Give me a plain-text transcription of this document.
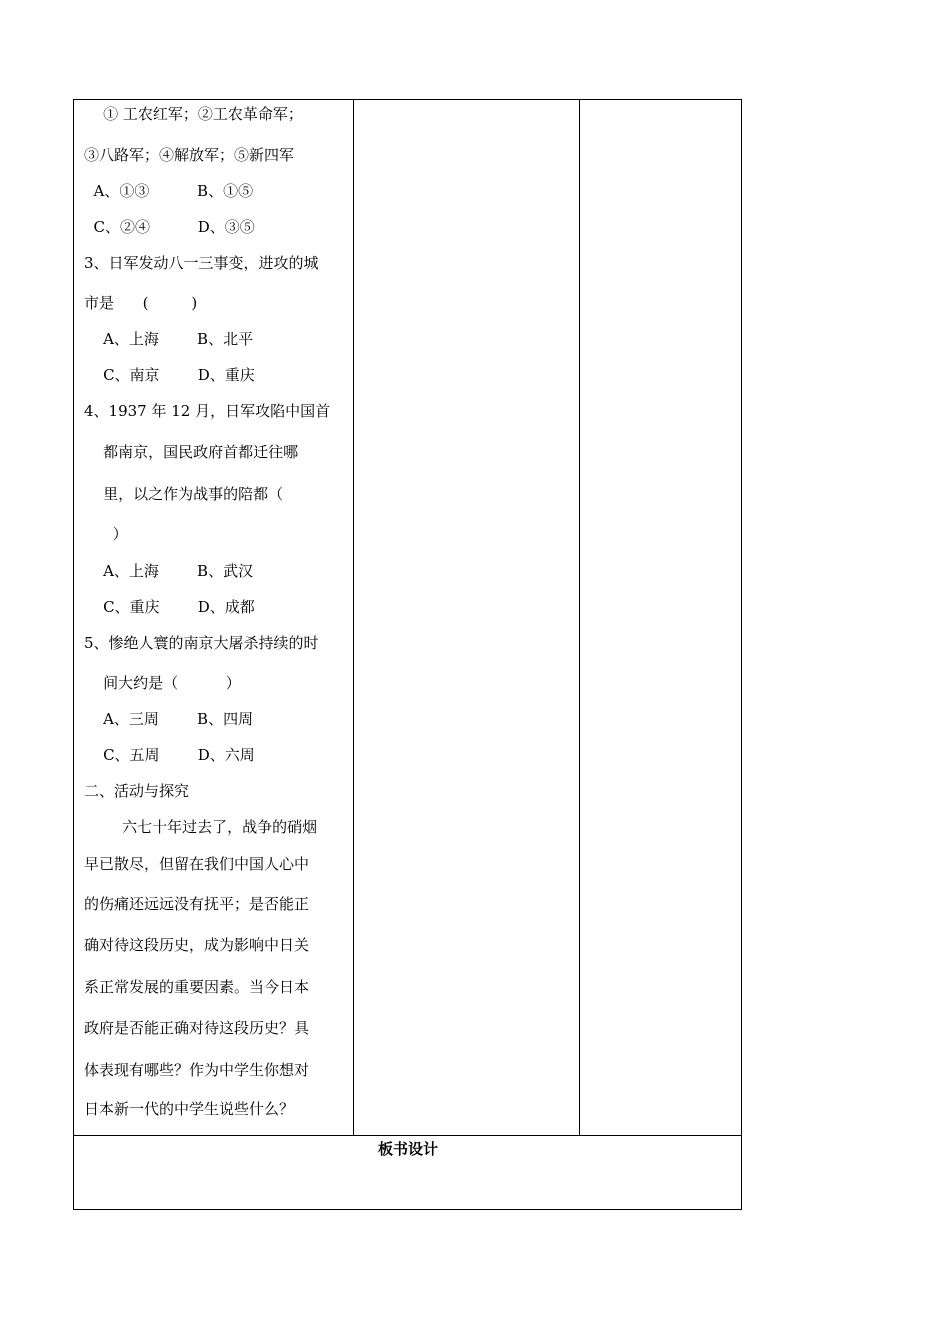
① 工农红军；②工农革命军；
③八路军；④解放军；⑤新四军
A、①③          B、①⑤
C、②④          D、③⑤
3、日军发动八一三事变，进攻的城
市是      (         )
A、上海        B、北平
C、南京        D、重庆
4、1937 年 12 月，日军攻陷中国首
都南京，国民政府首都迁往哪
里，以之作为战事的陪都（
）
A、上海        B、武汉
C、重庆        D、成都
5、惨绝人寰的南京大屠杀持续的时
间大约是（          ）
A、三周        B、四周
C、五周        D、六周
二、活动与探究
六七十年过去了，战争的硝烟
早已散尽，但留在我们中国人心中
的伤痛还远远没有抚平；是否能正
确对待这段历史，成为影响中日关
系正常发展的重要因素。当今日本
政府是否能正确对待这段历史？具
体表现有哪些？作为中学生你想对
日本新一代的中学生说些什么？
板书设计
